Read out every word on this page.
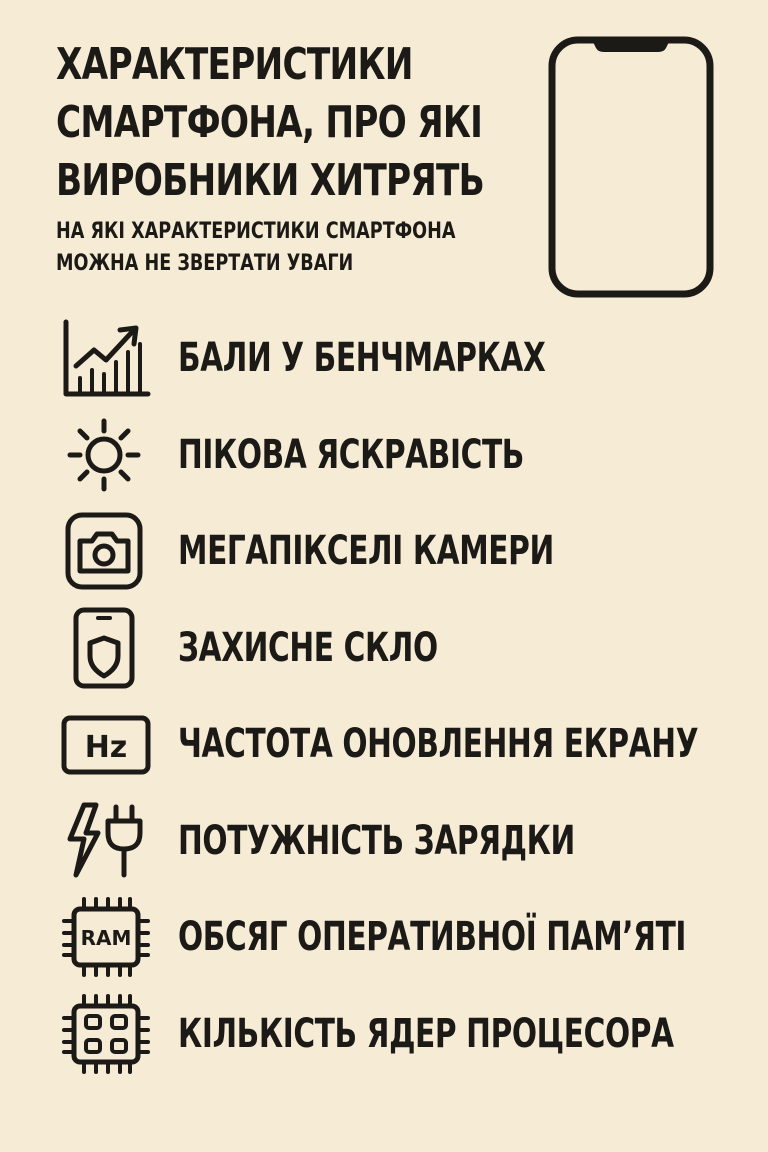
ХАРАКТЕРИСТИКИ
СМАРТФОНА, ПРО ЯКІ
ВИРОБНИКИ ХИТРЯТЬ
НА ЯКІ ХАРАКТЕРИСТИКИ СМАРТФОНА
МОЖНА НЕ ЗВЕРТАТИ УВАГИ
БАЛИ У БЕНЧМАРКАХ
ПІКОВА ЯСКРАВІСТЬ
МЕГАПІКСЕЛІ КАМЕРИ
ЗАХИСНЕ СКЛО
Hz ЧАСТОТА ОНОВЛЕННЯ ЕКРАНУ
ПОТУЖНІСТЬ ЗАРЯДКИ
RAM ОБСЯГ ОПЕРАТИВНОЇ ПАМ’ЯТІ
КІЛЬКІСТЬ ЯДЕР ПРОЦЕСОРА
